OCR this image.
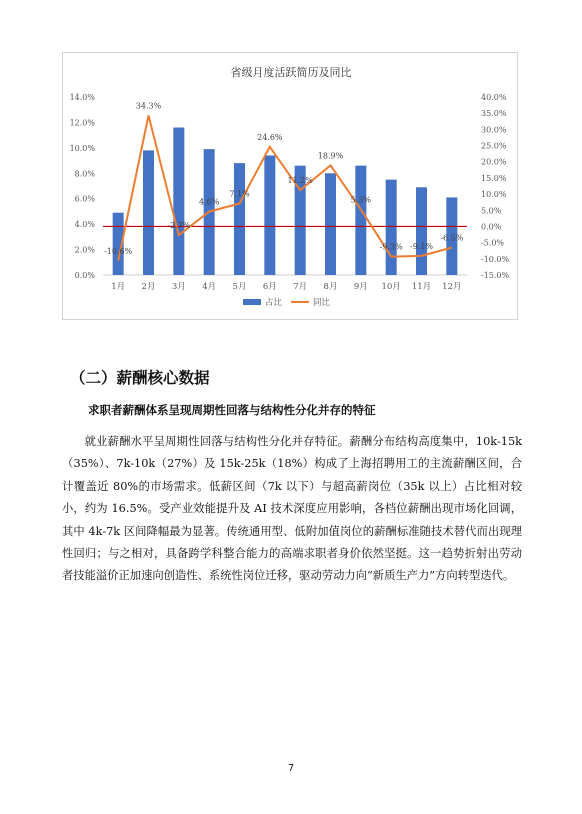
省级月度活跃简历及同比
0.0%
2.0%
4.0%
6.0%
8.0%
10.0%
12.0%
14.0%
-15.0%
-10.0%
-5.0%
0.0%
5.0%
10.0%
15.0%
20.0%
25.0%
30.0%
35.0%
40.0%
-10.6%
34.3%
-2.7%
4.6%
7.1%
24.6%
11.2%
18.9%
5.3%
-9.3% -9.1%
-6.5%
1月 2月 3月 4月 5月 6月 7月 8月 9月 10月 11月 12月
占比	同比
（二）薪酬核心数据
求职者薪酬体系呈现周期性回落与结构性分化并存的特征
就业薪酬水平呈周期性回落与结构性分化并存特征。薪酬分布结构高度集中，10k-15k（35%）、7k-10k（27%）及 15k-25k（18%）构成了上海招聘用工的主流薪酬区间，合计覆盖近 80%的市场需求。低薪区间（7k 以下）与超高薪岗位（35k 以上）占比相对较小，约为 16.5%。受产业效能提升及 AI 技术深度应用影响，各档位薪酬出现市场化回调，其中 4k-7k 区间降幅最为显著。传统通用型、低附加值岗位的薪酬标准随技术替代而出现理性回归；与之相对，具备跨学科整合能力的高端求职者身价依然坚挺。这一趋势折射出劳动者技能溢价正加速向创造性、系统性岗位迁移，驱动劳动力向“新质生产力”方向转型迭代。
7
